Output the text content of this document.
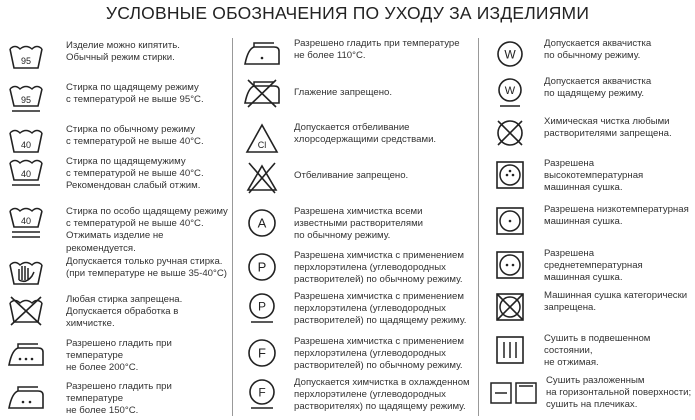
УСЛОВНЫЕ ОБОЗНАЧЕНИЯ ПО УХОДУ ЗА ИЗДЕЛИЯМИ
95
Изделие можно кипятить.
Обычный режим стирки.
95
Стирка по щадящему режиму
с температурой не выше 95°С.
40
Стирка по обычному режиму
с температурой не выше 40°С.
40
Стирка по щадящемужиму
с температурой не выше 40°С.
Рекомендован слабый отжим.
40
Стирка по особо щадящему режиму
с температурой не выше 40°С.
Отжимать изделие не рекомендуется.
Допускается только ручная стирка.
(при температуре не выше 35-40°С)
Любая стирка запрещена.
Допускается обработка в химчистке.
Разрешено гладить при температуре
не более 200°С.
Разрешено гладить при температуре
не более 150°С.
Разрешено гладить при температуре
не более 110°С.
Глажение запрещено.
Cl
Допускается отбеливание
хлорсодержащими средствами.
Отбеливание запрещено.
A
Разрешена химчистка всеми
известными растворителями
по обычному режиму.
P
Разрешена химчистка с применением
перхлорэтилена (углеводородных
растворителей) по обычному режиму.
P
Разрешена химчистка с применением
перхлорэтилена (углеводородных
растворителей) по щадящему режиму.
F
Разрешена химчистка с применением
перхлорэтилена (углеводородных
растворителей) по обычному режиму.
F
Допускается химчистка в охлажденном
перхлорэтилене (углеводородных
растворителях) по щадящему режиму.
W
Допускается аквачистка
по обычному режиму.
W
Допускается аквачистка
по щадящему режиму.
Химическая чистка любыми
растворителями запрещена.
Разрешена высокотемпературная
машинная сушка.
Разрешена низкотемпературная
машинная сушка.
Разрешена среднетемпературная
машинная сушка.
Машинная сушка категорически
запрещена.
Сушить в подвешенном состоянии,
не отжимая.
Сушить разложенным
на горизонтальной поверхности;
сушить на плечиках.
